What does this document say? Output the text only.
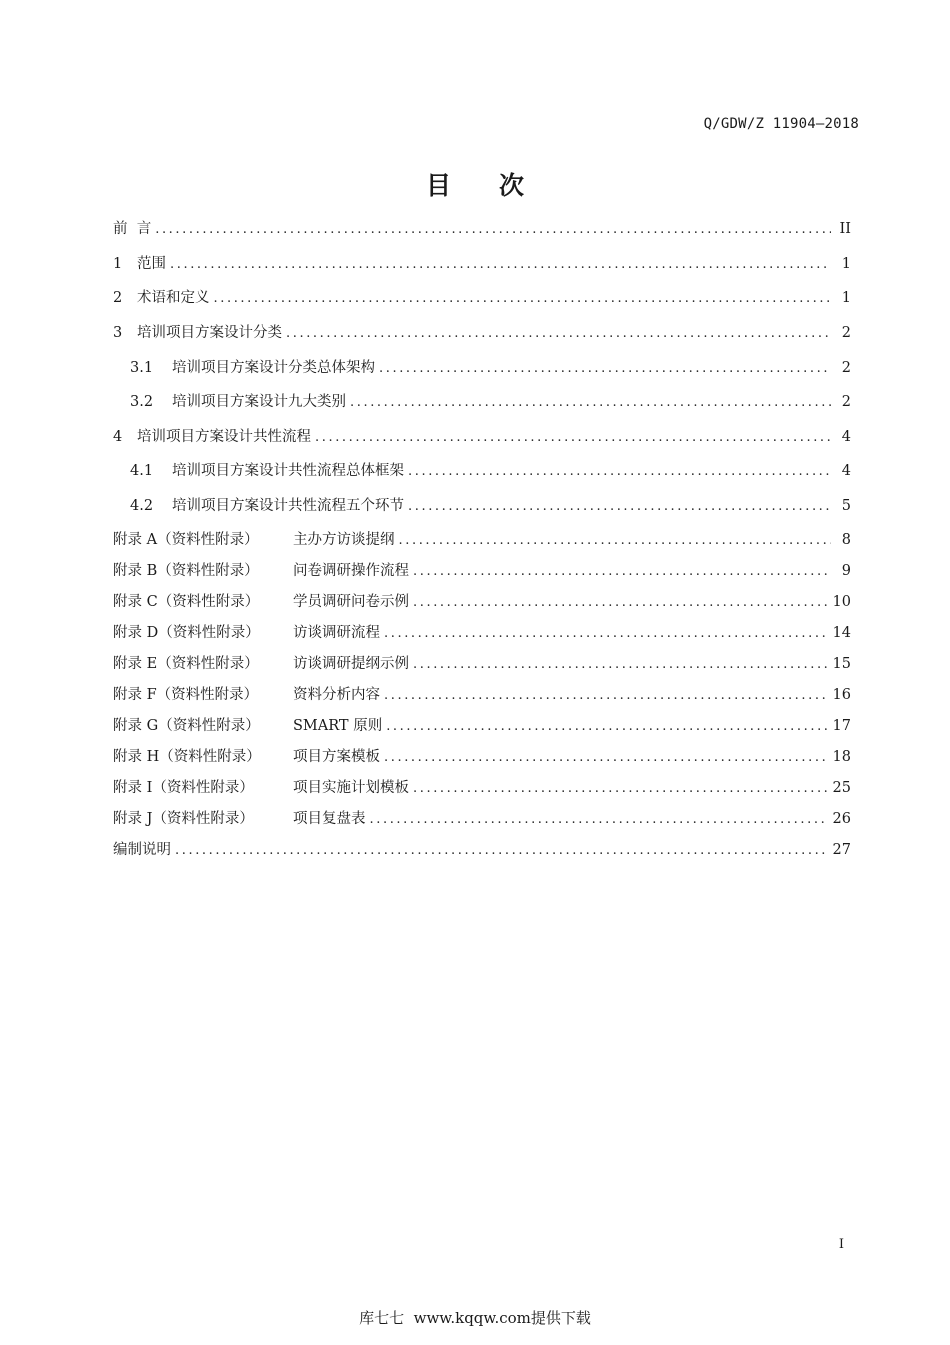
Q/GDW/Z 11904—2018
目次
前  言 .....	II
1	范围 .....	1
2	术语和定义 .....	1
3	培训项目方案设计分类 .....	2
3.1	培训项目方案设计分类总体架构 .....	2
3.2	培训项目方案设计九大类别 .....	2
4	培训项目方案设计共性流程 .....	4
4.1	培训项目方案设计共性流程总体框架 .....	4
4.2	培训项目方案设计共性流程五个环节 .....	5
附录 A（资料性附录）	主办方访谈提纲 .....	8
附录 B（资料性附录）	问卷调研操作流程 .....	9
附录 C（资料性附录）	学员调研问卷示例 .....	10
附录 D（资料性附录）	访谈调研流程 .....	14
附录 E（资料性附录）	访谈调研提纲示例 .....	15
附录 F（资料性附录）	资料分析内容 .....	16
附录 G（资料性附录）	SMART 原则 .....	17
附录 H（资料性附录）	项目方案模板 .....	18
附录 I（资料性附录）	项目实施计划模板 .....	25
附录 J（资料性附录）	项目复盘表 .....	26
编制说明 .....	27
I
库七七  www.kqqw.com提供下载
